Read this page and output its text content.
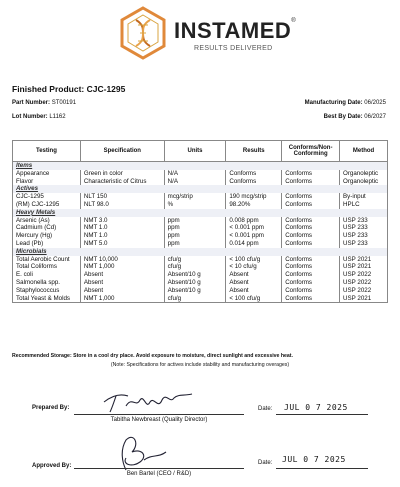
INSTAMED®
RESULTS DELIVERED
Finished Product: CJC-1295
Part Number: ST00191
Lot Number: L1162
Manufacturing Date: 06/2025
Best By Date: 06/2027
Testing	Specification	Units	Results	Conforms/Non-Conforming	Method
Items					
Appearance	Green in color	N/A	Conforms	Conforms	Organoleptic
Flavor	Characteristic of Citrus	N/A	Conforms	Conforms	Organoleptic
Actives					
CJC-1295	NLT 150	mcg/strip	190 mcg/strip	Conforms	By-input
(RM) CJC-1295	NLT 98.0	%	98.20%	Conforms	HPLC
Heavy Metals					
Arsenic (As)	NMT 3.0	ppm	0.008 ppm	Conforms	USP 233
Cadmium (Cd)	NMT 1.0	ppm	< 0.001 ppm	Conforms	USP 233
Mercury (Hg)	NMT 1.0	ppm	< 0.001 ppm	Conforms	USP 233
Lead (Pb)	NMT 5.0	ppm	0.014 ppm	Conforms	USP 233
Microbials					
Total Aerobic Count	NMT 10,000	cfu/g	< 100 cfu/g	Conforms	USP 2021
Total Coliforms	NMT 1,000	cfu/g	< 10 cfu/g	Conforms	USP 2021
E. coli	Absent	Absent/10 g	Absent	Conforms	USP 2022
Salmonella spp.	Absent	Absent/10 g	Absent	Conforms	USP 2022
Staphylococcus	Absent	Absent/10 g	Absent	Conforms	USP 2022
Total Yeast & Molds	NMT 1,000	cfu/g	< 100 cfu/g	Conforms	USP 2021
Recommended Storage: Store in a cool dry place. Avoid exposure to moisture, direct sunlight and excessive heat.
(Note: Specifications for actives include stability and manufacturing overages)
Prepared By:
Tabitha Newbreast (Quality Director)
Date: JUL 0 7 2025
Approved By:
Ben Bartel (CEO / R&D)
Date: JUL 0 7 2025
